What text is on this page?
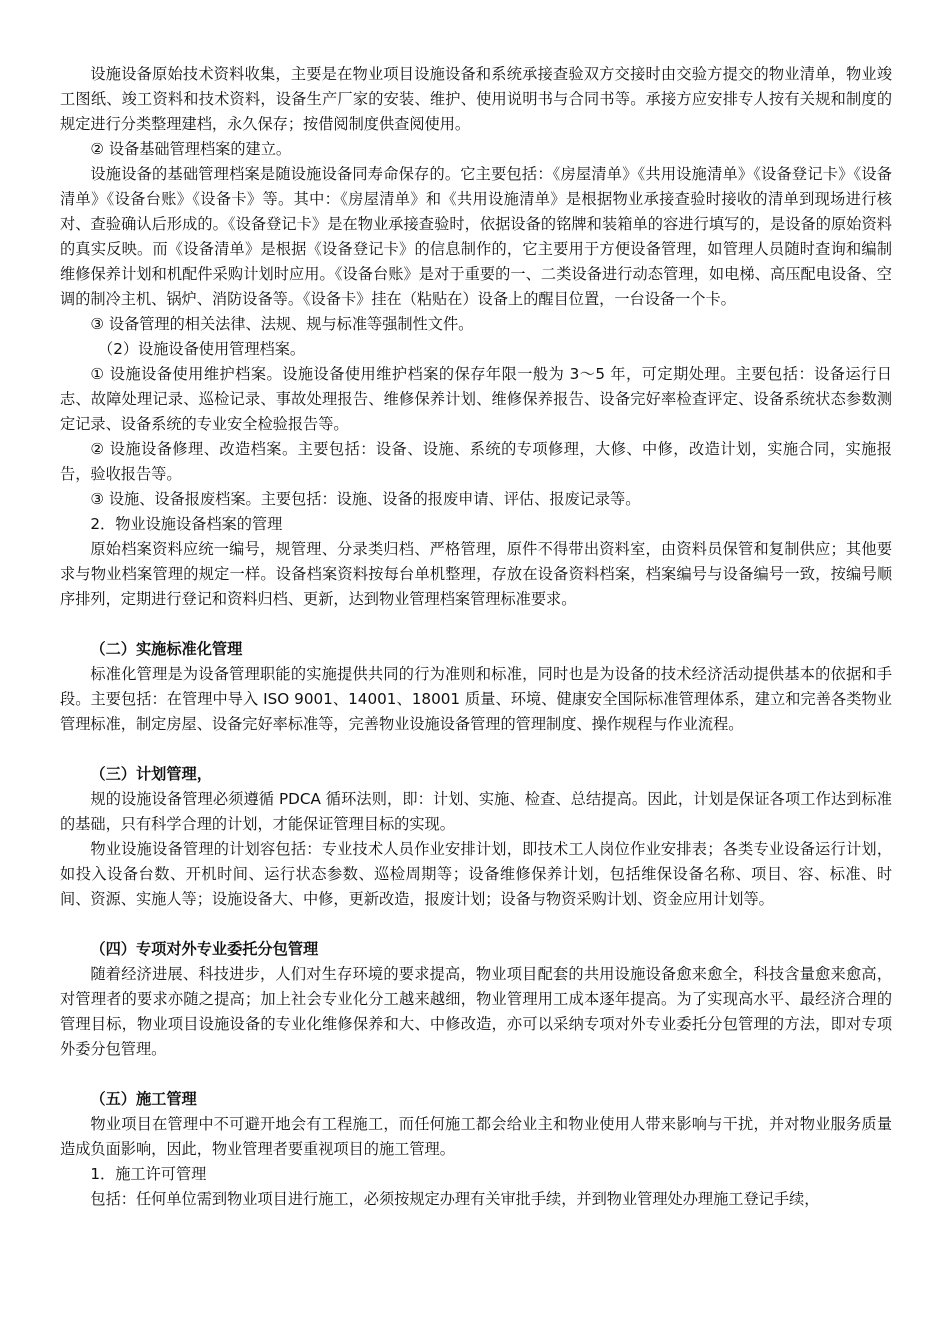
设施设备原始技术资料收集，主要是在物业项目设施设备和系统承接查验双方交接时由交验方提交的物业清单，物业竣工图纸、竣工资料和技术资料，设备生产厂家的安装、维护、使用说明书与合同书等。承接方应安排专人按有关规和制度的规定进行分类整理建档，永久保存；按借阅制度供查阅使用。

② 设备基础管理档案的建立。

设施设备的基础管理档案是随设施设备同寿命保存的。它主要包括：《房屋清单》《共用设施清单》《设备登记卡》《设备清单》《设备台账》《设备卡》等。其中：《房屋清单》和《共用设施清单》是根据物业承接查验时接收的清单到现场进行核对、查验确认后形成的。《设备登记卡》是在物业承接查验时，依据设备的铭牌和装箱单的容进行填写的，是设备的原始资料的真实反映。而《设备清单》是根据《设备登记卡》的信息制作的，它主要用于方便设备管理，如管理人员随时查询和编制维修保养计划和机配件采购计划时应用。《设备台账》是对于重要的一、二类设备进行动态管理，如电梯、高压配电设备、空调的制冷主机、锅炉、消防设备等。《设备卡》挂在（粘贴在）设备上的醒目位置，一台设备一个卡。

③ 设备管理的相关法律、法规、规与标准等强制性文件。

（2）设施设备使用管理档案。

① 设施设备使用维护档案。设施设备使用维护档案的保存年限一般为 3～5 年，可定期处理。主要包括：设备运行日志、故障处理记录、巡检记录、事故处理报告、维修保养计划、维修保养报告、设备完好率检查评定、设备系统状态参数测定记录、设备系统的专业安全检验报告等。

② 设施设备修理、改造档案。主要包括：设备、设施、系统的专项修理，大修、中修，改造计划，实施合同，实施报告，验收报告等。

③ 设施、设备报废档案。主要包括：设施、设备的报废申请、评估、报废记录等。

2．物业设施设备档案的管理

原始档案资料应统一编号，规管理、分录类归档、严格管理，原件不得带出资料室，由资料员保管和复制供应；其他要求与物业档案管理的规定一样。设备档案资料按每台单机整理，存放在设备资料档案，档案编号与设备编号一致，按编号顺序排列，定期进行登记和资料归档、更新，达到物业管理档案管理标准要求。

（二）实施标准化管理

标准化管理是为设备管理职能的实施提供共同的行为准则和标准，同时也是为设备的技术经济活动提供基本的依据和手段。主要包括：在管理中导入 ISO 9001、14001、18001 质量、环境、健康安全国际标准管理体系，建立和完善各类物业管理标准，制定房屋、设备完好率标准等，完善物业设施设备管理的管理制度、操作规程与作业流程。

（三）计划管理，

规的设施设备管理必须遵循 PDCA 循环法则，即：计划、实施、检查、总结提高。因此，计划是保证各项工作达到标准的基础，只有科学合理的计划，才能保证管理目标的实现。

物业设施设备管理的计划容包括：专业技术人员作业安排计划，即技术工人岗位作业安排表；各类专业设备运行计划，如投入设备台数、开机时间、运行状态参数、巡检周期等；设备维修保养计划，包括维保设备名称、项目、容、标准、时间、资源、实施人等；设施设备大、中修，更新改造，报废计划；设备与物资采购计划、资金应用计划等。

（四）专项对外专业委托分包管理

随着经济进展、科技进步，人们对生存环境的要求提高，物业项目配套的共用设施设备愈来愈全，科技含量愈来愈高，对管理者的要求亦随之提高；加上社会专业化分工越来越细，物业管理用工成本逐年提高。为了实现高水平、最经济合理的管理目标，物业项目设施设备的专业化维修保养和大、中修改造，亦可以采纳专项对外专业委托分包管理的方法，即对专项外委分包管理。

（五）施工管理

物业项目在管理中不可避开地会有工程施工，而任何施工都会给业主和物业使用人带来影响与干扰，并对物业服务质量造成负面影响，因此，物业管理者要重视项目的施工管理。

1．施工许可管理

包括：任何单位需到物业项目进行施工，必须按规定办理有关审批手续，并到物业管理处办理施工登记手续，
